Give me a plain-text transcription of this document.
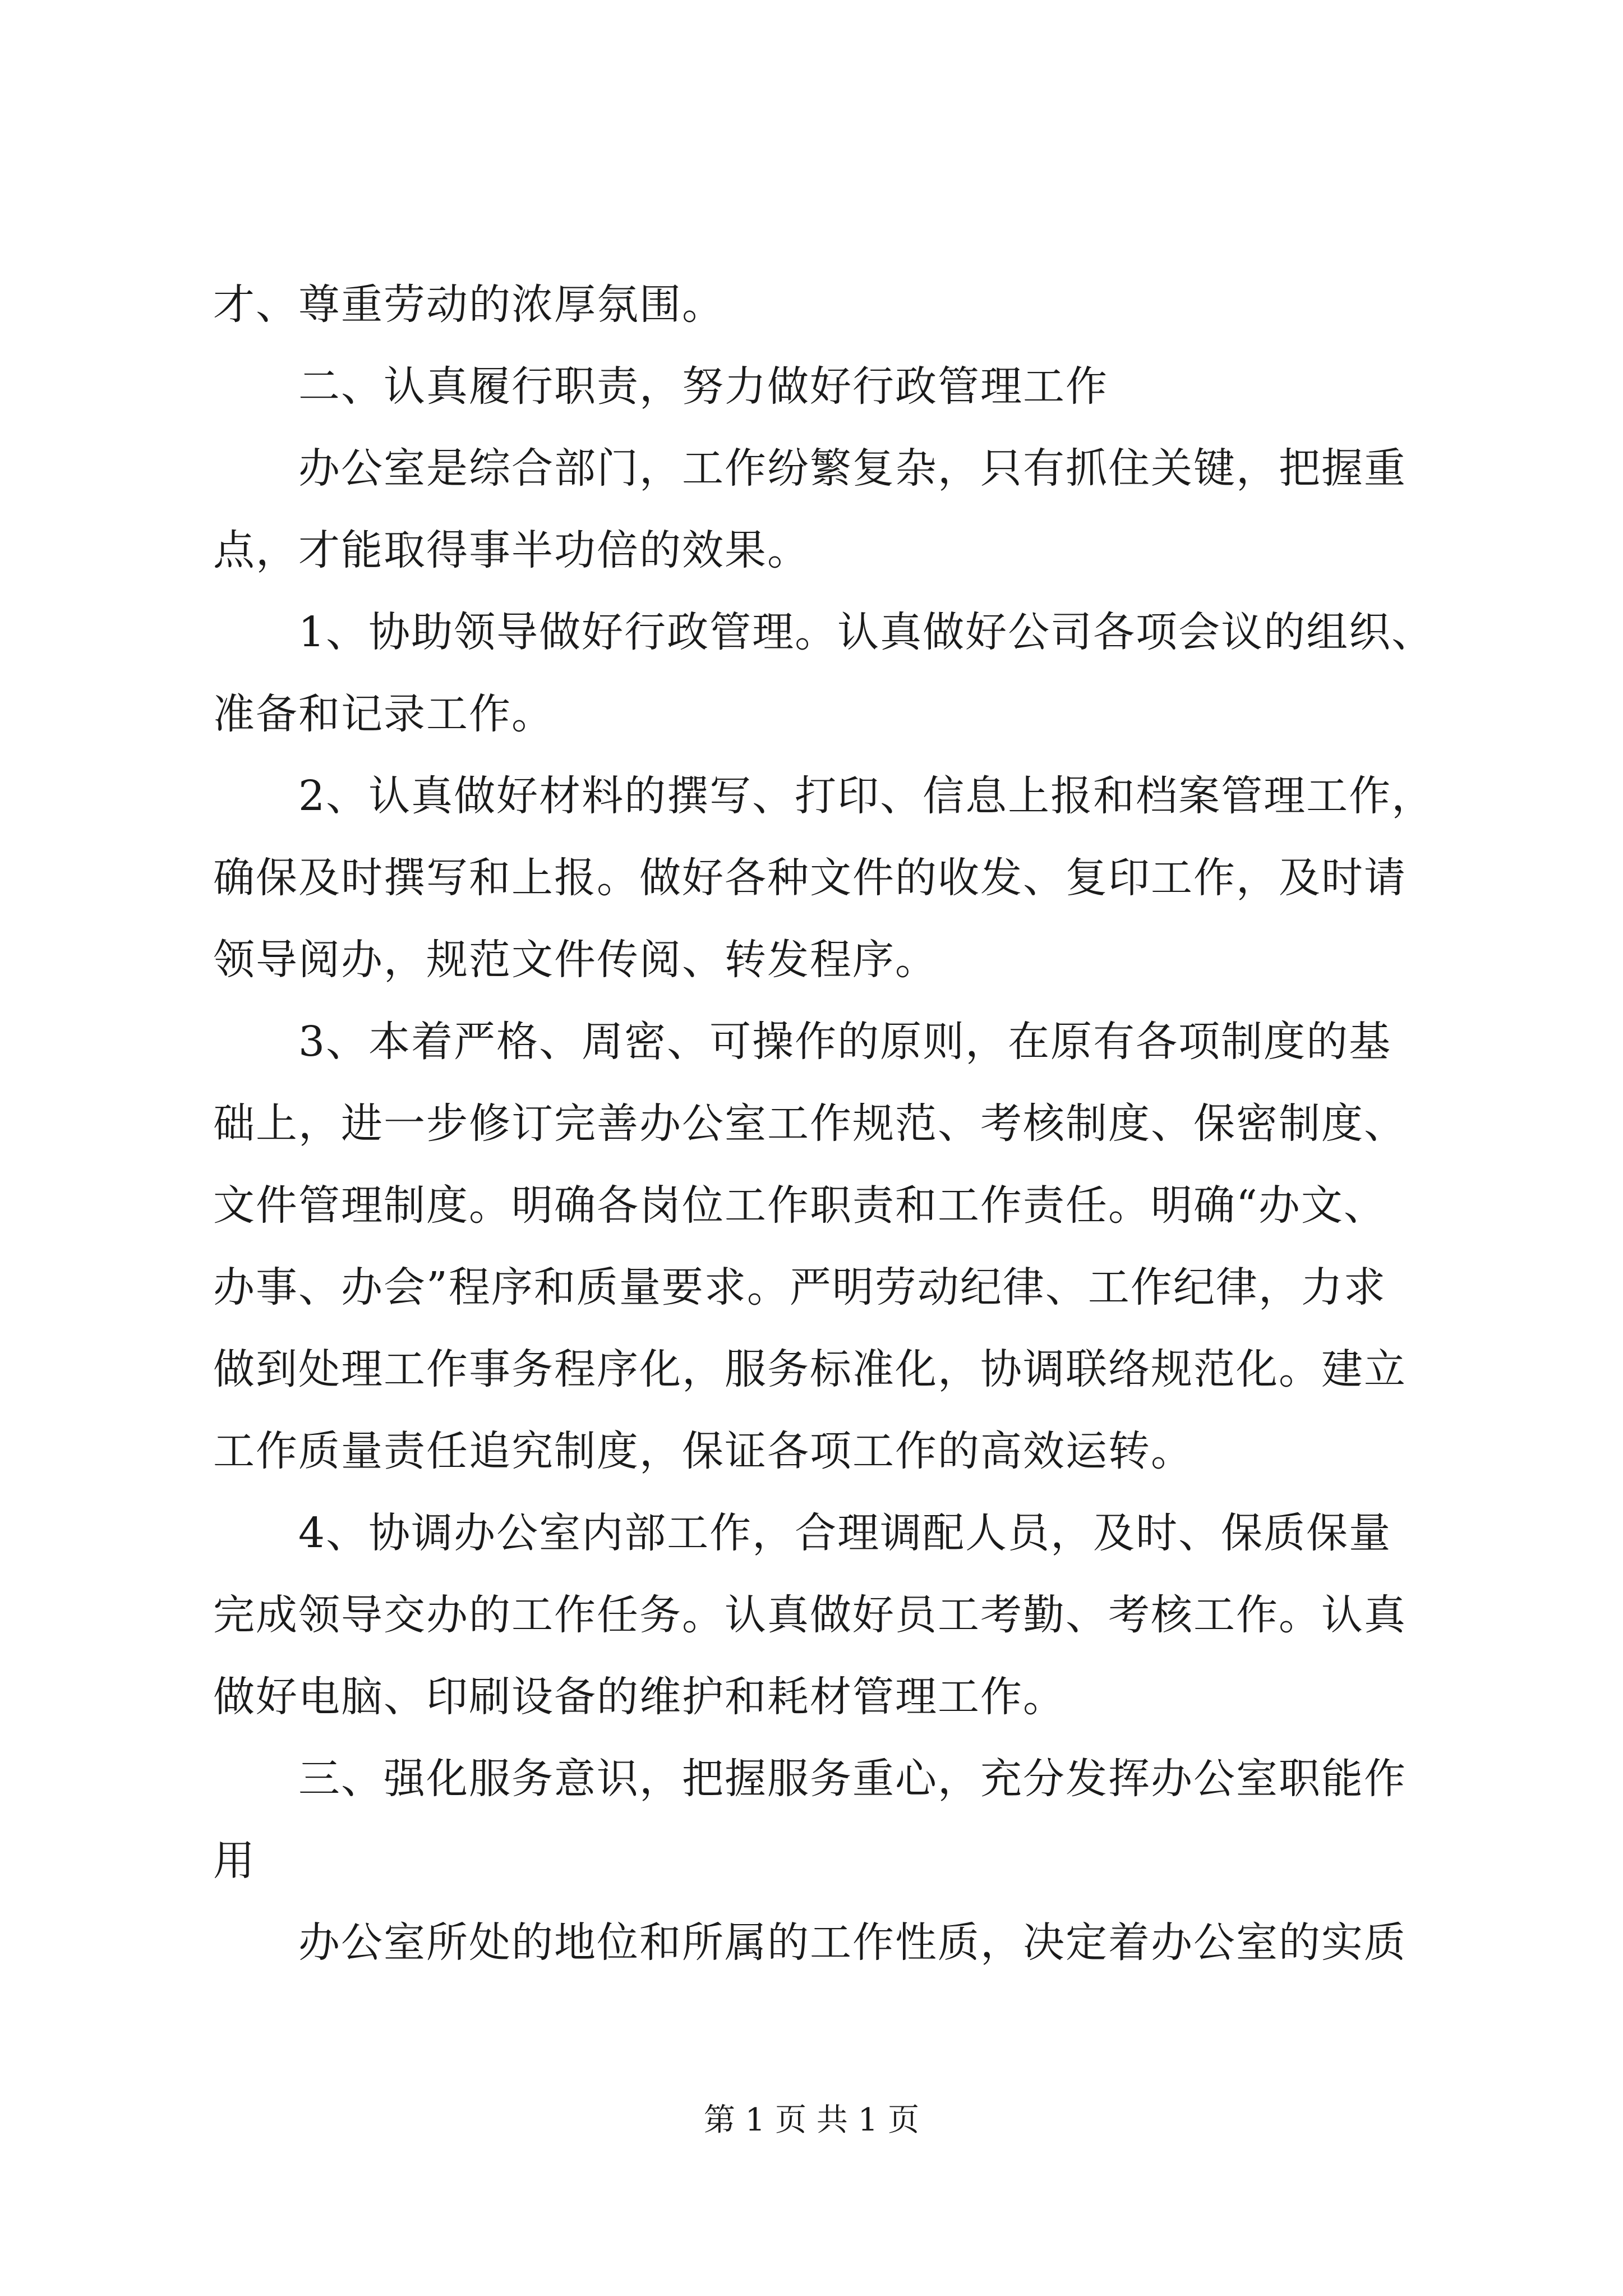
才、尊重劳动的浓厚氛围。
　　二、认真履行职责，努力做好行政管理工作
　　办公室是综合部门，工作纷繁复杂，只有抓住关键，把握重
点，才能取得事半功倍的效果。
　　1、协助领导做好行政管理。认真做好公司各项会议的组织、
准备和记录工作。
　　2、认真做好材料的撰写、打印、信息上报和档案管理工作，
确保及时撰写和上报。做好各种文件的收发、复印工作，及时请
领导阅办，规范文件传阅、转发程序。
　　3、本着严格、周密、可操作的原则，在原有各项制度的基
础上，进一步修订完善办公室工作规范、考核制度、保密制度、
文件管理制度。明确各岗位工作职责和工作责任。明确“办文、
办事、办会”程序和质量要求。严明劳动纪律、工作纪律，力求
做到处理工作事务程序化，服务标准化，协调联络规范化。建立
工作质量责任追究制度，保证各项工作的高效运转。
　　4、协调办公室内部工作，合理调配人员，及时、保质保量
完成领导交办的工作任务。认真做好员工考勤、考核工作。认真
做好电脑、印刷设备的维护和耗材管理工作。
　　三、强化服务意识，把握服务重心，充分发挥办公室职能作
用
　　办公室所处的地位和所属的工作性质，决定着办公室的实质
第 1 页 共 1 页
